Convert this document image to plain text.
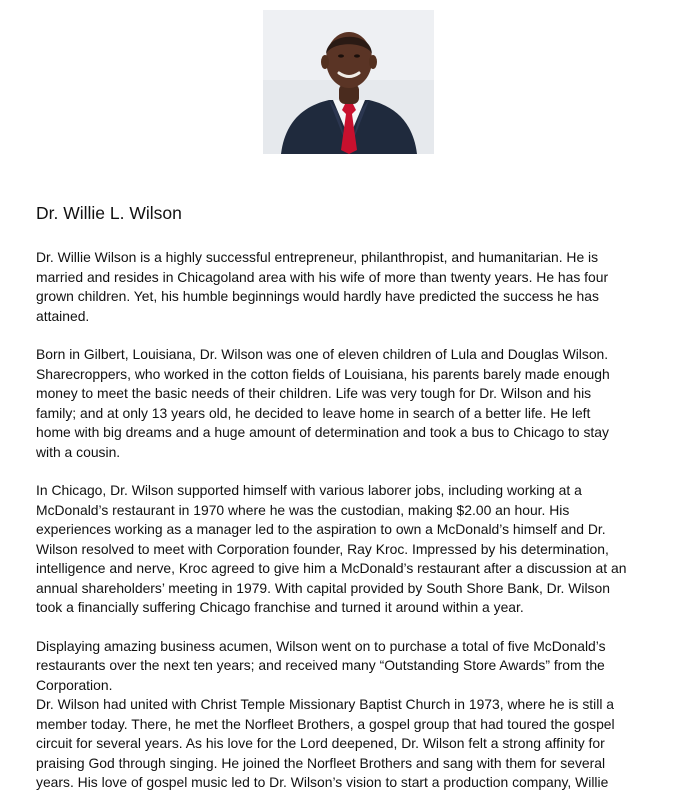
Dr. Willie L. Wilson
Dr. Willie Wilson is a highly successful entrepreneur, philanthropist, and humanitarian. He is
married and resides in Chicagoland area with his wife of more than twenty years. He has four
grown children. Yet, his humble beginnings would hardly have predicted the success he has
attained.
Born in Gilbert, Louisiana, Dr. Wilson was one of eleven children of Lula and Douglas Wilson.
Sharecroppers, who worked in the cotton fields of Louisiana, his parents barely made enough
money to meet the basic needs of their children. Life was very tough for Dr. Wilson and his
family; and at only 13 years old, he decided to leave home in search of a better life. He left
home with big dreams and a huge amount of determination and took a bus to Chicago to stay
with a cousin.
In Chicago, Dr. Wilson supported himself with various laborer jobs, including working at a
McDonald’s restaurant in 1970 where he was the custodian, making $2.00 an hour. His
experiences working as a manager led to the aspiration to own a McDonald’s himself and Dr.
Wilson resolved to meet with Corporation founder, Ray Kroc. Impressed by his determination,
intelligence and nerve, Kroc agreed to give him a McDonald’s restaurant after a discussion at an
annual shareholders’ meeting in 1979. With capital provided by South Shore Bank, Dr. Wilson
took a financially suffering Chicago franchise and turned it around within a year.
Displaying amazing business acumen, Wilson went on to purchase a total of five McDonald’s
restaurants over the next ten years; and received many “Outstanding Store Awards” from the
Corporation.
Dr. Wilson had united with Christ Temple Missionary Baptist Church in 1973, where he is still a
member today. There, he met the Norfleet Brothers, a gospel group that had toured the gospel
circuit for several years. As his love for the Lord deepened, Dr. Wilson felt a strong affinity for
praising God through singing. He joined the Norfleet Brothers and sang with them for several
years. His love of gospel music led to Dr. Wilson’s vision to start a production company, Willie
